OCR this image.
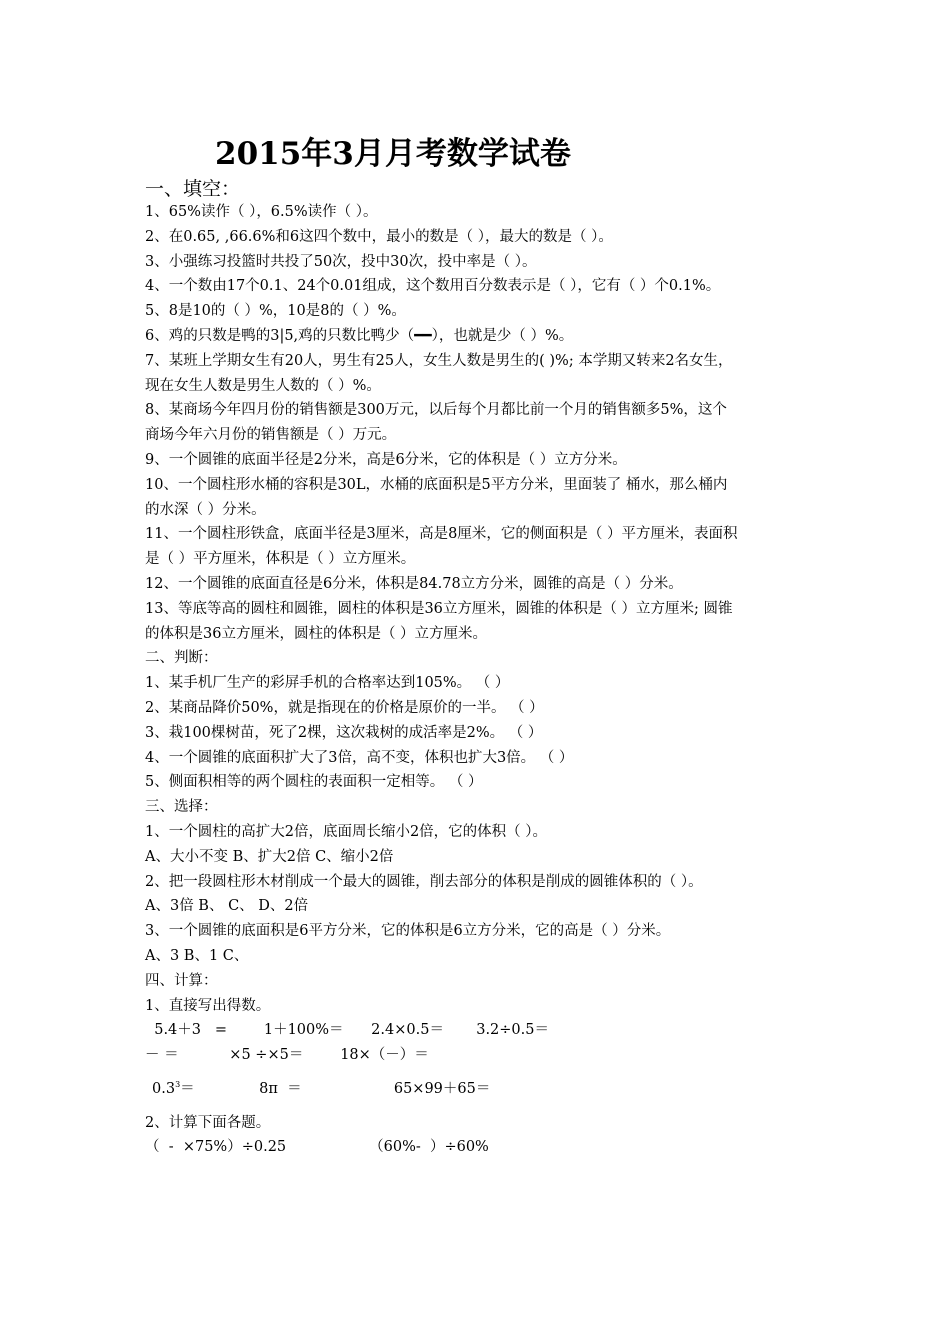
2015年3月月考数学试卷
一、填空：
1、65%读作（ ），6.5%读作（ ）。
2、在0.65, ,66.6%和6这四个数中，最小的数是（ ），最大的数是（ ）。
3、小强练习投篮时共投了50次，投中30次，投中率是（ ）。
4、一个数由17个0.1、24个0.01组成，这个数用百分数表示是（ ），它有（ ）个0.1%。
5、8是10的（ ）%，10是8的（ ）%。
6、鸡的只数是鸭的3|5,鸡的只数比鸭少（━━），也就是少（ ）%。
7、某班上学期女生有20人，男生有25人，女生人数是男生的( )%; 本学期又转来2名女生，
现在女生人数是男生人数的（ ）%。
8、某商场今年四月份的销售额是300万元，以后每个月都比前一个月的销售额多5%，这个
商场今年六月份的销售额是（ ）万元。
9、一个圆锥的底面半径是2分米，高是6分米，它的体积是（ ）立方分米。
10、一个圆柱形水桶的容积是30L，水桶的底面积是5平方分米，里面装了 桶水，那么桶内
的水深（ ）分米。
11、一个圆柱形铁盒，底面半径是3厘米，高是8厘米，它的侧面积是（ ）平方厘米，表面积
是（ ）平方厘米，体积是（ ）立方厘米。
12、一个圆锥的底面直径是6分米，体积是84.78立方分米，圆锥的高是（ ）分米。
13、等底等高的圆柱和圆锥，圆柱的体积是36立方厘米，圆锥的体积是（ ）立方厘米; 圆锥
的体积是36立方厘米，圆柱的体积是（ ）立方厘米。
二、判断：
1、某手机厂生产的彩屏手机的合格率达到105%。 （ ）
2、某商品降价50%，就是指现在的价格是原价的一半。 （ ）
3、栽100棵树苗，死了2棵，这次栽树的成活率是2%。 （ ）
4、一个圆锥的底面积扩大了3倍，高不变，体积也扩大3倍。 （ ）
5、侧面积相等的两个圆柱的表面积一定相等。 （ ）
三、选择：
1、一个圆柱的高扩大2倍，底面周长缩小2倍，它的体积（ ）。
A、大小不变 B、扩大2倍 C、缩小2倍
2、把一段圆柱形木材削成一个最大的圆锥，削去部分的体积是削成的圆锥体积的（ ）。
A、3倍 B、 C、 D、2倍
3、一个圆锥的底面积是6平方分米，它的体积是6立方分米，它的高是（ ）分米。
A、3 B、1 C、
四、计算：
1、直接写出得数。
5.4＋3   =        1＋100%＝      2.4×0.5＝       3.2÷0.5＝
－ ＝           ×5 ÷×5＝        18×（－）＝
$0.3^3=$              8π  ＝                    65×99＋65＝
2、计算下面各题。
（  -  ×75%）÷0.25                  （60%-  ）÷60%
